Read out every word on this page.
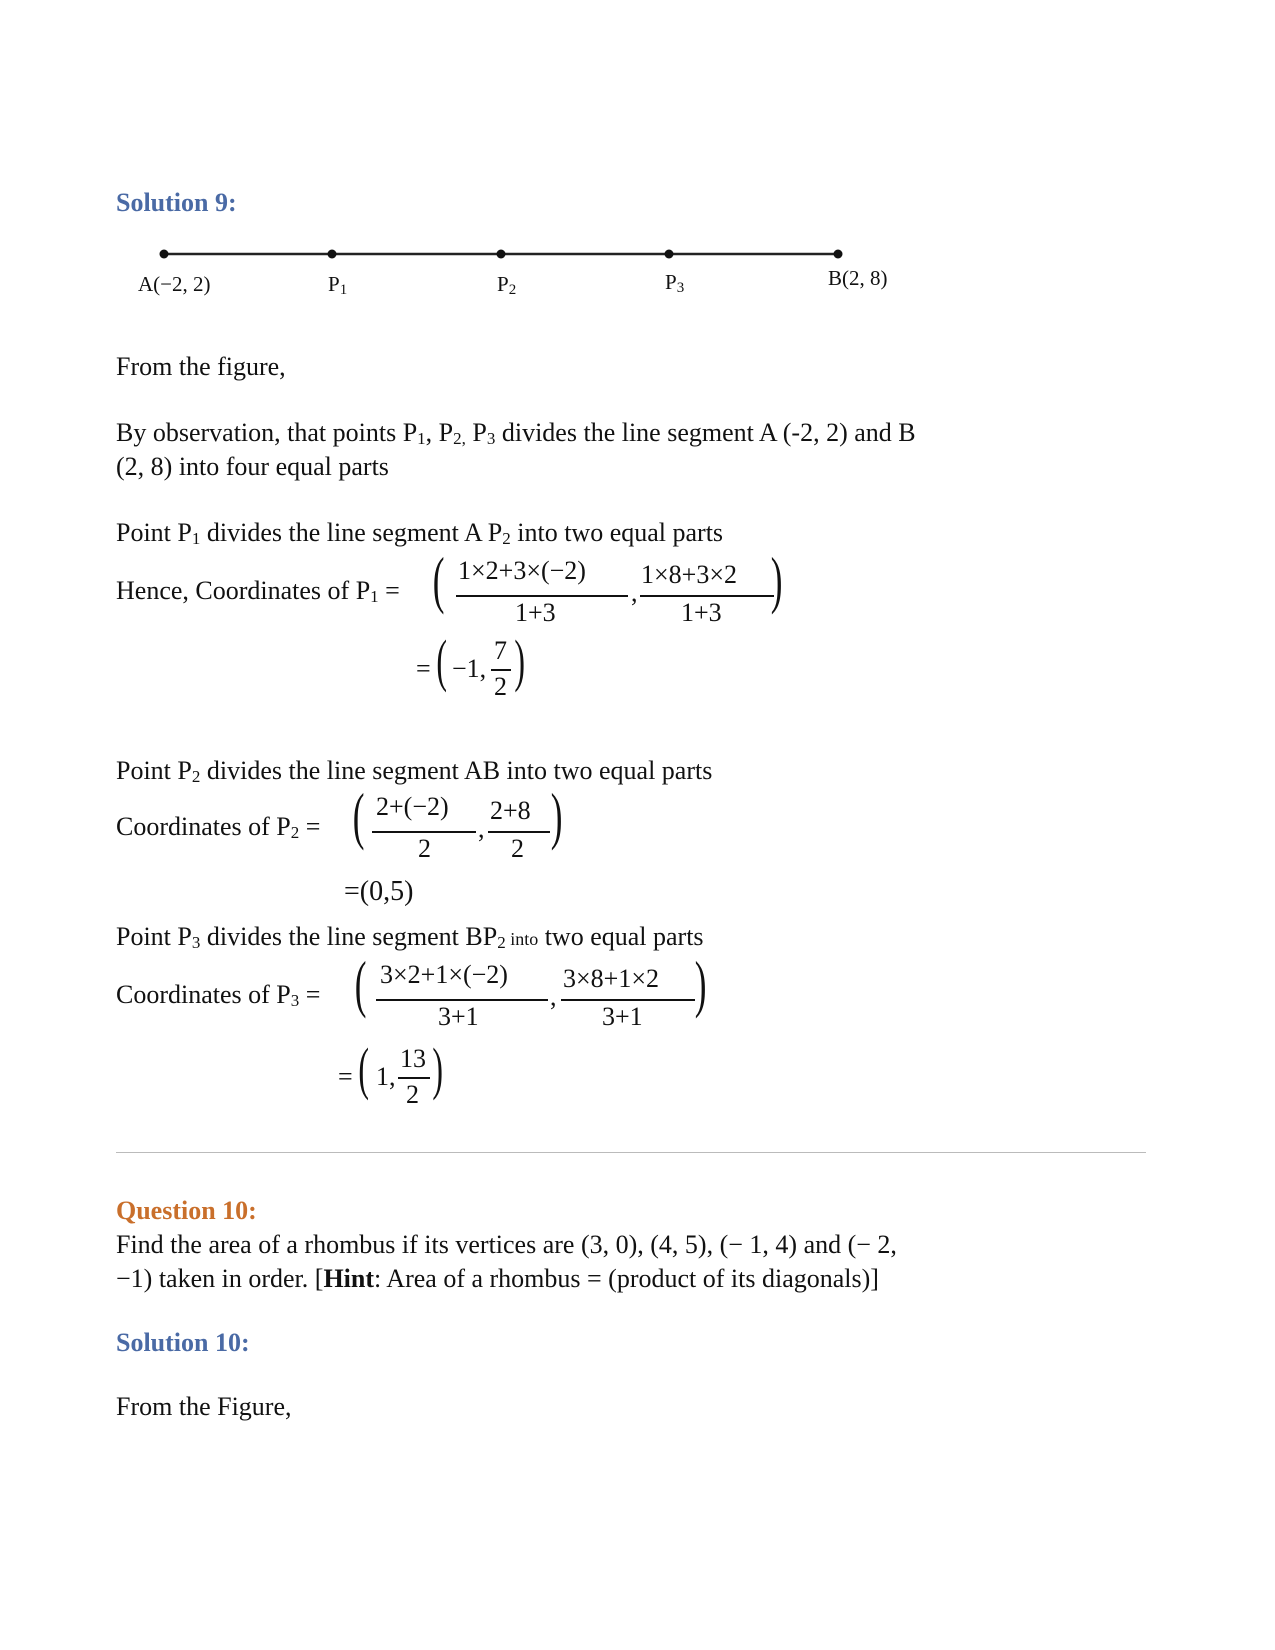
Solution 9:
A(−2, 2)	$P_1$	$P_2$	$P_3$	B(2, 8)
From the figure,
By observation, that points $P_1$, $P_{2,}$ $P_3$ divides the line segment A (-2, 2) and B
(2, 8) into four equal parts
Point $P_1$ divides the line segment A $P_2$ into two equal parts
Hence, Coordinates of $P_1$ = ( 1×2+3×(−2)
1+3
,
1×8+3×2
1+3 )
= ( −1,
7
2 )
Point $P_2$ divides the line segment AB into two equal parts
Coordinates of $P_2$ = ( 2+(−2)
2
,
2+8
2 )
=(0,5)
Point $P_3$ divides the line segment $BP_2$ into two equal parts
Coordinates of $P_3$ = ( 3×2+1×(−2)
3+1
,
3×8+1×2
3+1 )
= ( 1,
13
2 )
Question 10:
Find the area of a rhombus if its vertices are (3, 0), (4, 5), (− 1, 4) and (− 2,
−1) taken in order. [Hint: Area of a rhombus = (product of its diagonals)]
Solution 10:
From the Figure,
